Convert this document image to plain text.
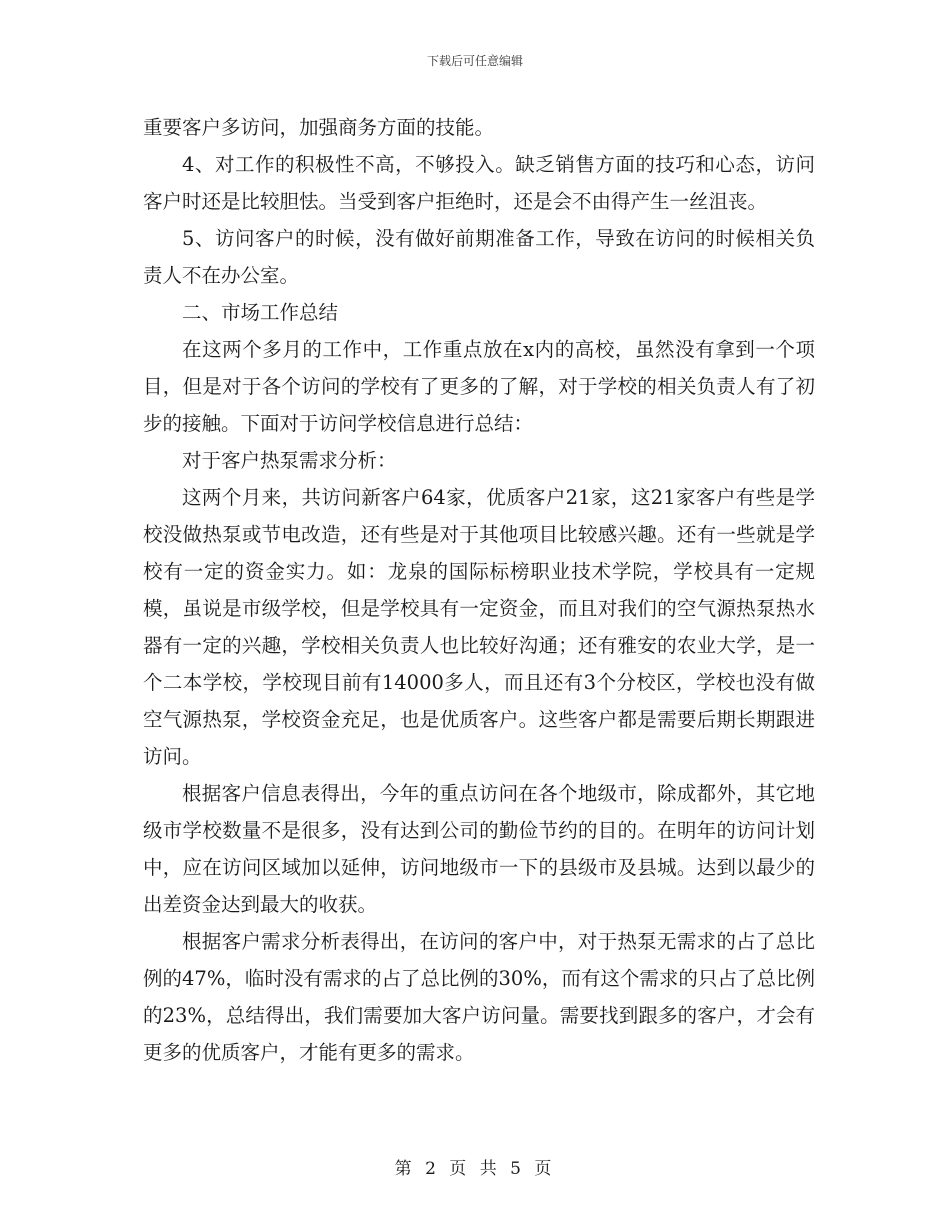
下载后可任意编辑

重要客户多访问，加强商务方面的技能。

4、对工作的积极性不高，不够投入。缺乏销售方面的技巧和心态，访问客户时还是比较胆怯。当受到客户拒绝时，还是会不由得产生一丝沮丧。

5、访问客户的时候，没有做好前期准备工作，导致在访问的时候相关负责人不在办公室。

二、市场工作总结

在这两个多月的工作中，工作重点放在x内的高校，虽然没有拿到一个项目，但是对于各个访问的学校有了更多的了解，对于学校的相关负责人有了初步的接触。下面对于访问学校信息进行总结：

对于客户热泵需求分析：

这两个月来，共访问新客户64家，优质客户21家，这21家客户有些是学校没做热泵或节电改造，还有些是对于其他项目比较感兴趣。还有一些就是学校有一定的资金实力。如：龙泉的国际标榜职业技术学院，学校具有一定规模，虽说是市级学校，但是学校具有一定资金，而且对我们的空气源热泵热水器有一定的兴趣，学校相关负责人也比较好沟通；还有雅安的农业大学，是一个二本学校，学校现目前有14000多人，而且还有3个分校区，学校也没有做空气源热泵，学校资金充足，也是优质客户。这些客户都是需要后期长期跟进访问。

根据客户信息表得出，今年的重点访问在各个地级市，除成都外，其它地级市学校数量不是很多，没有达到公司的勤俭节约的目的。在明年的访问计划中，应在访问区域加以延伸，访问地级市一下的县级市及县城。达到以最少的出差资金达到最大的收获。

根据客户需求分析表得出，在访问的客户中，对于热泵无需求的占了总比例的47%，临时没有需求的占了总比例的30%，而有这个需求的只占了总比例的23%，总结得出，我们需要加大客户访问量。需要找到跟多的客户，才会有更多的优质客户，才能有更多的需求。

第 2 页 共 5 页
